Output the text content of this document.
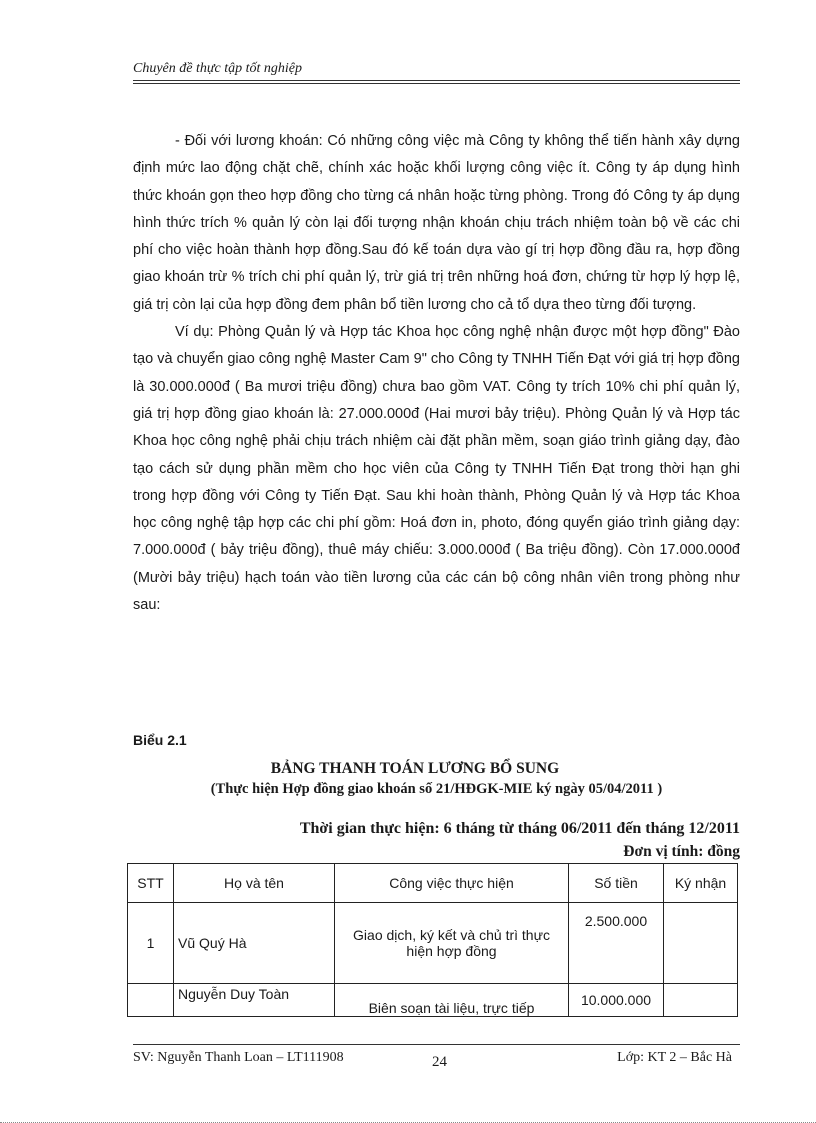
Chuyên đề thực tập tốt nghiệp

- Đối với lương khoán: Có những công việc mà Công ty không thể tiến hành xây dựng định mức lao động chặt chẽ, chính xác hoặc khối lượng công việc ít. Công ty áp dụng hình thức khoán gọn theo hợp đồng cho từng cá nhân hoặc từng phòng. Trong đó Công ty áp dụng hình thức trích % quản lý còn lại đối tượng nhận khoán chịu trách nhiệm toàn bộ về các chi phí cho việc hoàn thành hợp đồng.Sau đó kế toán dựa vào gí trị hợp đồng đầu ra, hợp đồng giao khoán trừ % trích chi phí quản lý, trừ giá trị trên những hoá đơn, chứng từ hợp lý hợp lệ, giá trị còn lại của hợp đồng đem phân bổ tiền lương cho cả tổ dựa theo từng đối tượng.

Ví dụ: Phòng Quản lý và Hợp tác Khoa học công nghệ nhận được một hợp đồng" Đào tạo và chuyển giao công nghệ Master Cam 9" cho Công ty TNHH Tiến Đạt với giá trị hợp đồng là 30.000.000đ ( Ba mươi triệu đồng) chưa bao gồm VAT. Công ty trích 10% chi phí quản lý, giá trị hợp đồng giao khoán là: 27.000.000đ (Hai mươi bảy triệu). Phòng Quản lý và Hợp tác Khoa học công nghệ phải chịu trách nhiệm cài đặt phần mềm, soạn giáo trình giảng dạy, đào tạo cách sử dụng phần mềm cho học viên của Công ty TNHH Tiến Đạt trong thời hạn ghi trong hợp đồng với Công ty Tiến Đạt. Sau khi hoàn thành, Phòng Quản lý và Hợp tác Khoa học công nghệ tập hợp các chi phí gồm: Hoá đơn in, photo, đóng quyển giáo trình giảng dạy: 7.000.000đ ( bảy triệu đồng), thuê máy chiếu: 3.000.000đ ( Ba triệu đồng). Còn 17.000.000đ (Mười bảy triệu) hạch toán vào tiền lương của các cán bộ công nhân viên trong phòng như sau:

Biểu 2.1
BẢNG THANH TOÁN LƯƠNG BỔ SUNG
(Thực hiện Hợp đồng giao khoán số 21/HĐGK-MIE ký ngày 05/04/2011 )
Thời gian thực hiện: 6 tháng từ tháng 06/2011 đến tháng 12/2011
Đơn vị tính: đồng
STT	Họ và tên	Công việc thực hiện	Số tiền	Ký nhận
1	Vũ Quý Hà	Giao dịch, ký kết và chủ trì thực hiện hợp đồng	2.500.000	
	Nguyễn Duy Toàn	Biên soạn tài liệu, trực tiếp	10.000.000	
SV: Nguyễn Thanh Loan – LT111908	24	Lớp: KT 2 – Bắc Hà
